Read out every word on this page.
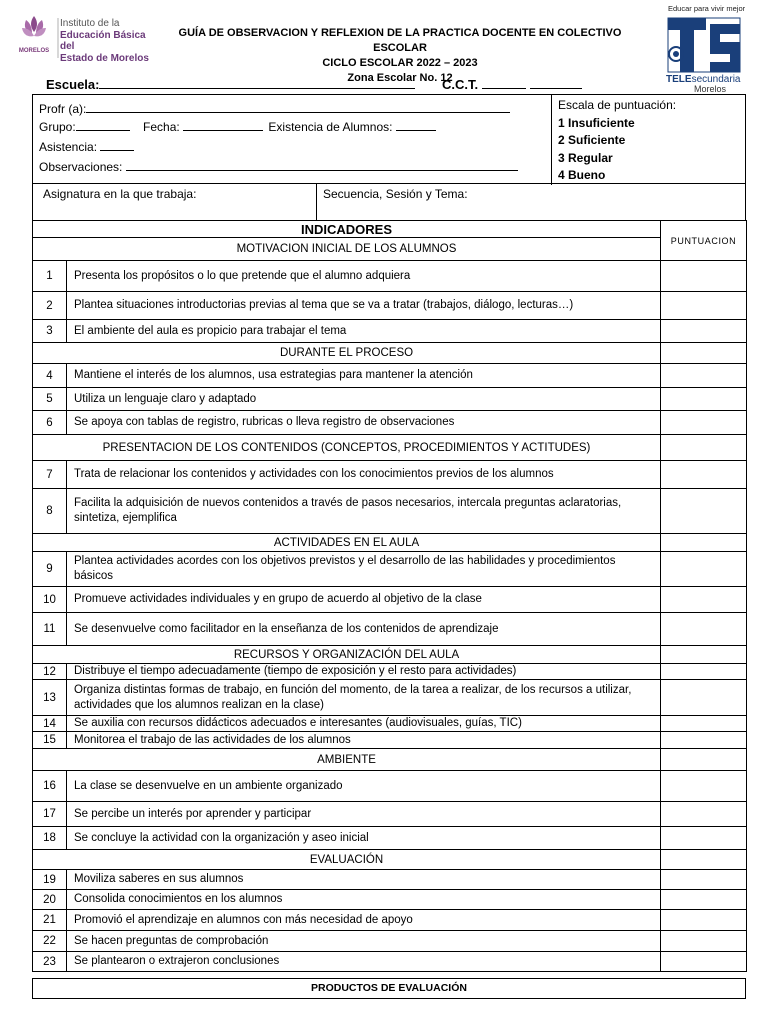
MORELOS
Instituto de la
Educación Básica del
Estado de Morelos
GUÍA DE OBSERVACION Y REFLEXION DE LA PRACTICA DOCENTE EN COLECTIVO ESCOLAR
CICLO ESCOLAR 2022 – 2023
Zona Escolar No. 12
Educar para vivir mejor
TELEsecundaria
Morelos
Escuela:	C.C.T.
Profr (a):
Grupo:	Fecha:	Existencia de Alumnos:
Asistencia:
Observaciones:
Escala de puntuación:
1 Insuficiente
2 Suficiente
3 Regular
4 Bueno
Asignatura en la que trabaja:	Secuencia, Sesión y Tema:
INDICADORES		PUNTUACION
MOTIVACION INICIAL DE LOS ALUMNOS		
1	Presenta los propósitos o lo que pretende que el alumno adquiera	
2	Plantea situaciones introductorias previas al tema que se va a tratar (trabajos, diálogo, lecturas…)	
3	El ambiente del aula es propicio para trabajar el tema	
DURANTE EL PROCESO		
4	Mantiene el interés de los alumnos, usa estrategias para mantener la atención	
5	Utiliza un lenguaje claro y adaptado	
6	Se apoya con tablas de registro, rubricas o lleva registro de observaciones	
PRESENTACION DE LOS CONTENIDOS (CONCEPTOS, PROCEDIMIENTOS Y ACTITUDES)		
7	Trata de relacionar los contenidos y actividades con los conocimientos previos de los alumnos	
8	Facilita la adquisición de nuevos contenidos a través de pasos necesarios, intercala preguntas aclaratorias, sintetiza, ejemplifica	
ACTIVIDADES EN EL AULA		
9	Plantea actividades acordes con los objetivos previstos y el desarrollo de las habilidades y procedimientos básicos	
10	Promueve actividades individuales y en grupo de acuerdo al objetivo de la clase	
11	Se desenvuelve como facilitador en la enseñanza de los contenidos de aprendizaje	
RECURSOS Y ORGANIZACIÓN DEL AULA		
12	Distribuye el tiempo adecuadamente (tiempo de exposición y el resto para actividades)	
13	Organiza distintas formas de trabajo, en función del momento, de la tarea a realizar, de los recursos a utilizar, actividades que los alumnos realizan en la clase)	
14	Se auxilia con recursos didácticos adecuados e interesantes (audiovisuales, guías, TIC)	
15	Monitorea el trabajo de las actividades de los alumnos	
AMBIENTE		
16	La clase se desenvuelve en un ambiente organizado	
17	Se percibe un interés por aprender y participar	
18	Se concluye la actividad con la organización y aseo inicial	
EVALUACIÓN		
19	Moviliza saberes en sus alumnos	
20	Consolida conocimientos en los alumnos	
21	Promovió el aprendizaje en alumnos con más necesidad de apoyo	
22	Se hacen preguntas de comprobación	
23	Se plantearon o extrajeron conclusiones	
PRODUCTOS DE EVALUACIÓN
